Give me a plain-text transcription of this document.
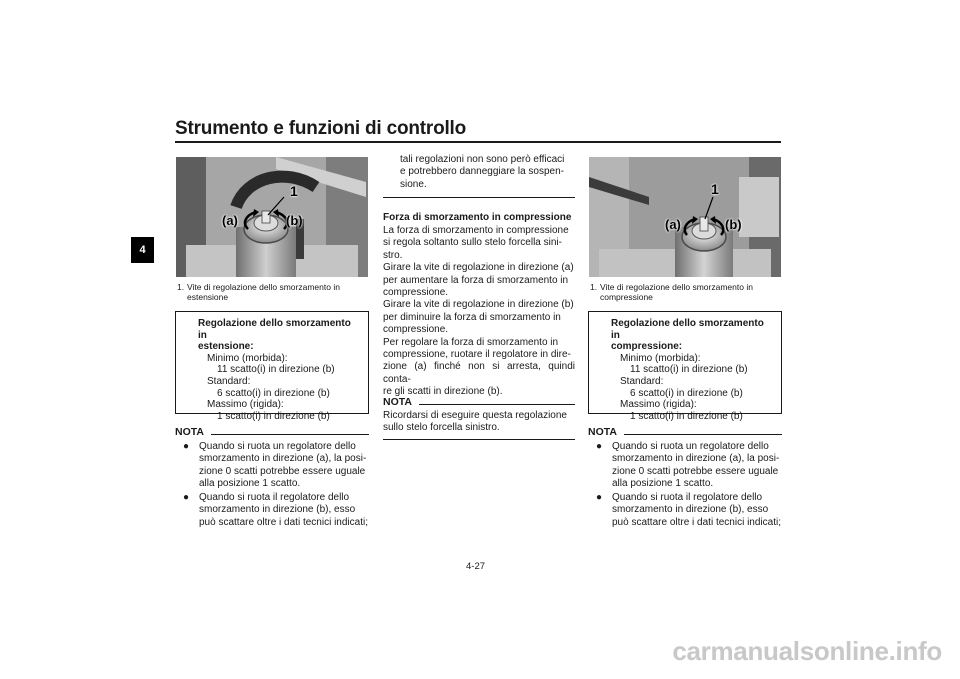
Strumento e funzioni di controllo
4
1
(a)	(b)
1. Vite di regolazione dello smorzamento in
estensione
Regolazione dello smorzamento in
estensione:
Minimo (morbida):
11 scatto(i) in direzione (b)
Standard:
6 scatto(i) in direzione (b)
Massimo (rigida):
1 scatto(i) in direzione (b)
NOTA
● Quando si ruota un regolatore dello
smorzamento in direzione (a), la posi-
zione 0 scatti potrebbe essere uguale
alla posizione 1 scatto.
● Quando si ruota il regolatore dello
smorzamento in direzione (b), esso
può scattare oltre i dati tecnici indicati;
tali regolazioni non sono però efficaci
e potrebbero danneggiare la sospen-
sione.
Forza di smorzamento in compressione
La forza di smorzamento in compressione
si regola soltanto sullo stelo forcella sini-
stro.
Girare la vite di regolazione in direzione (a)
per aumentare la forza di smorzamento in
compressione.
Girare la vite di regolazione in direzione (b)
per diminuire la forza di smorzamento in
compressione.
Per regolare la forza di smorzamento in
compressione, ruotare il regolatore in dire-
zione (a) finché non si arresta, quindi conta-
re gli scatti in direzione (b).
NOTA
Ricordarsi di eseguire questa regolazione
sullo stelo forcella sinistro.
1
(a)	(b)
1. Vite di regolazione dello smorzamento in
compressione
Regolazione dello smorzamento in
compressione:
Minimo (morbida):
11 scatto(i) in direzione (b)
Standard:
6 scatto(i) in direzione (b)
Massimo (rigida):
1 scatto(i) in direzione (b)
NOTA
● Quando si ruota un regolatore dello
smorzamento in direzione (a), la posi-
zione 0 scatti potrebbe essere uguale
alla posizione 1 scatto.
● Quando si ruota il regolatore dello
smorzamento in direzione (b), esso
può scattare oltre i dati tecnici indicati;
4-27
carmanualsonline.info
